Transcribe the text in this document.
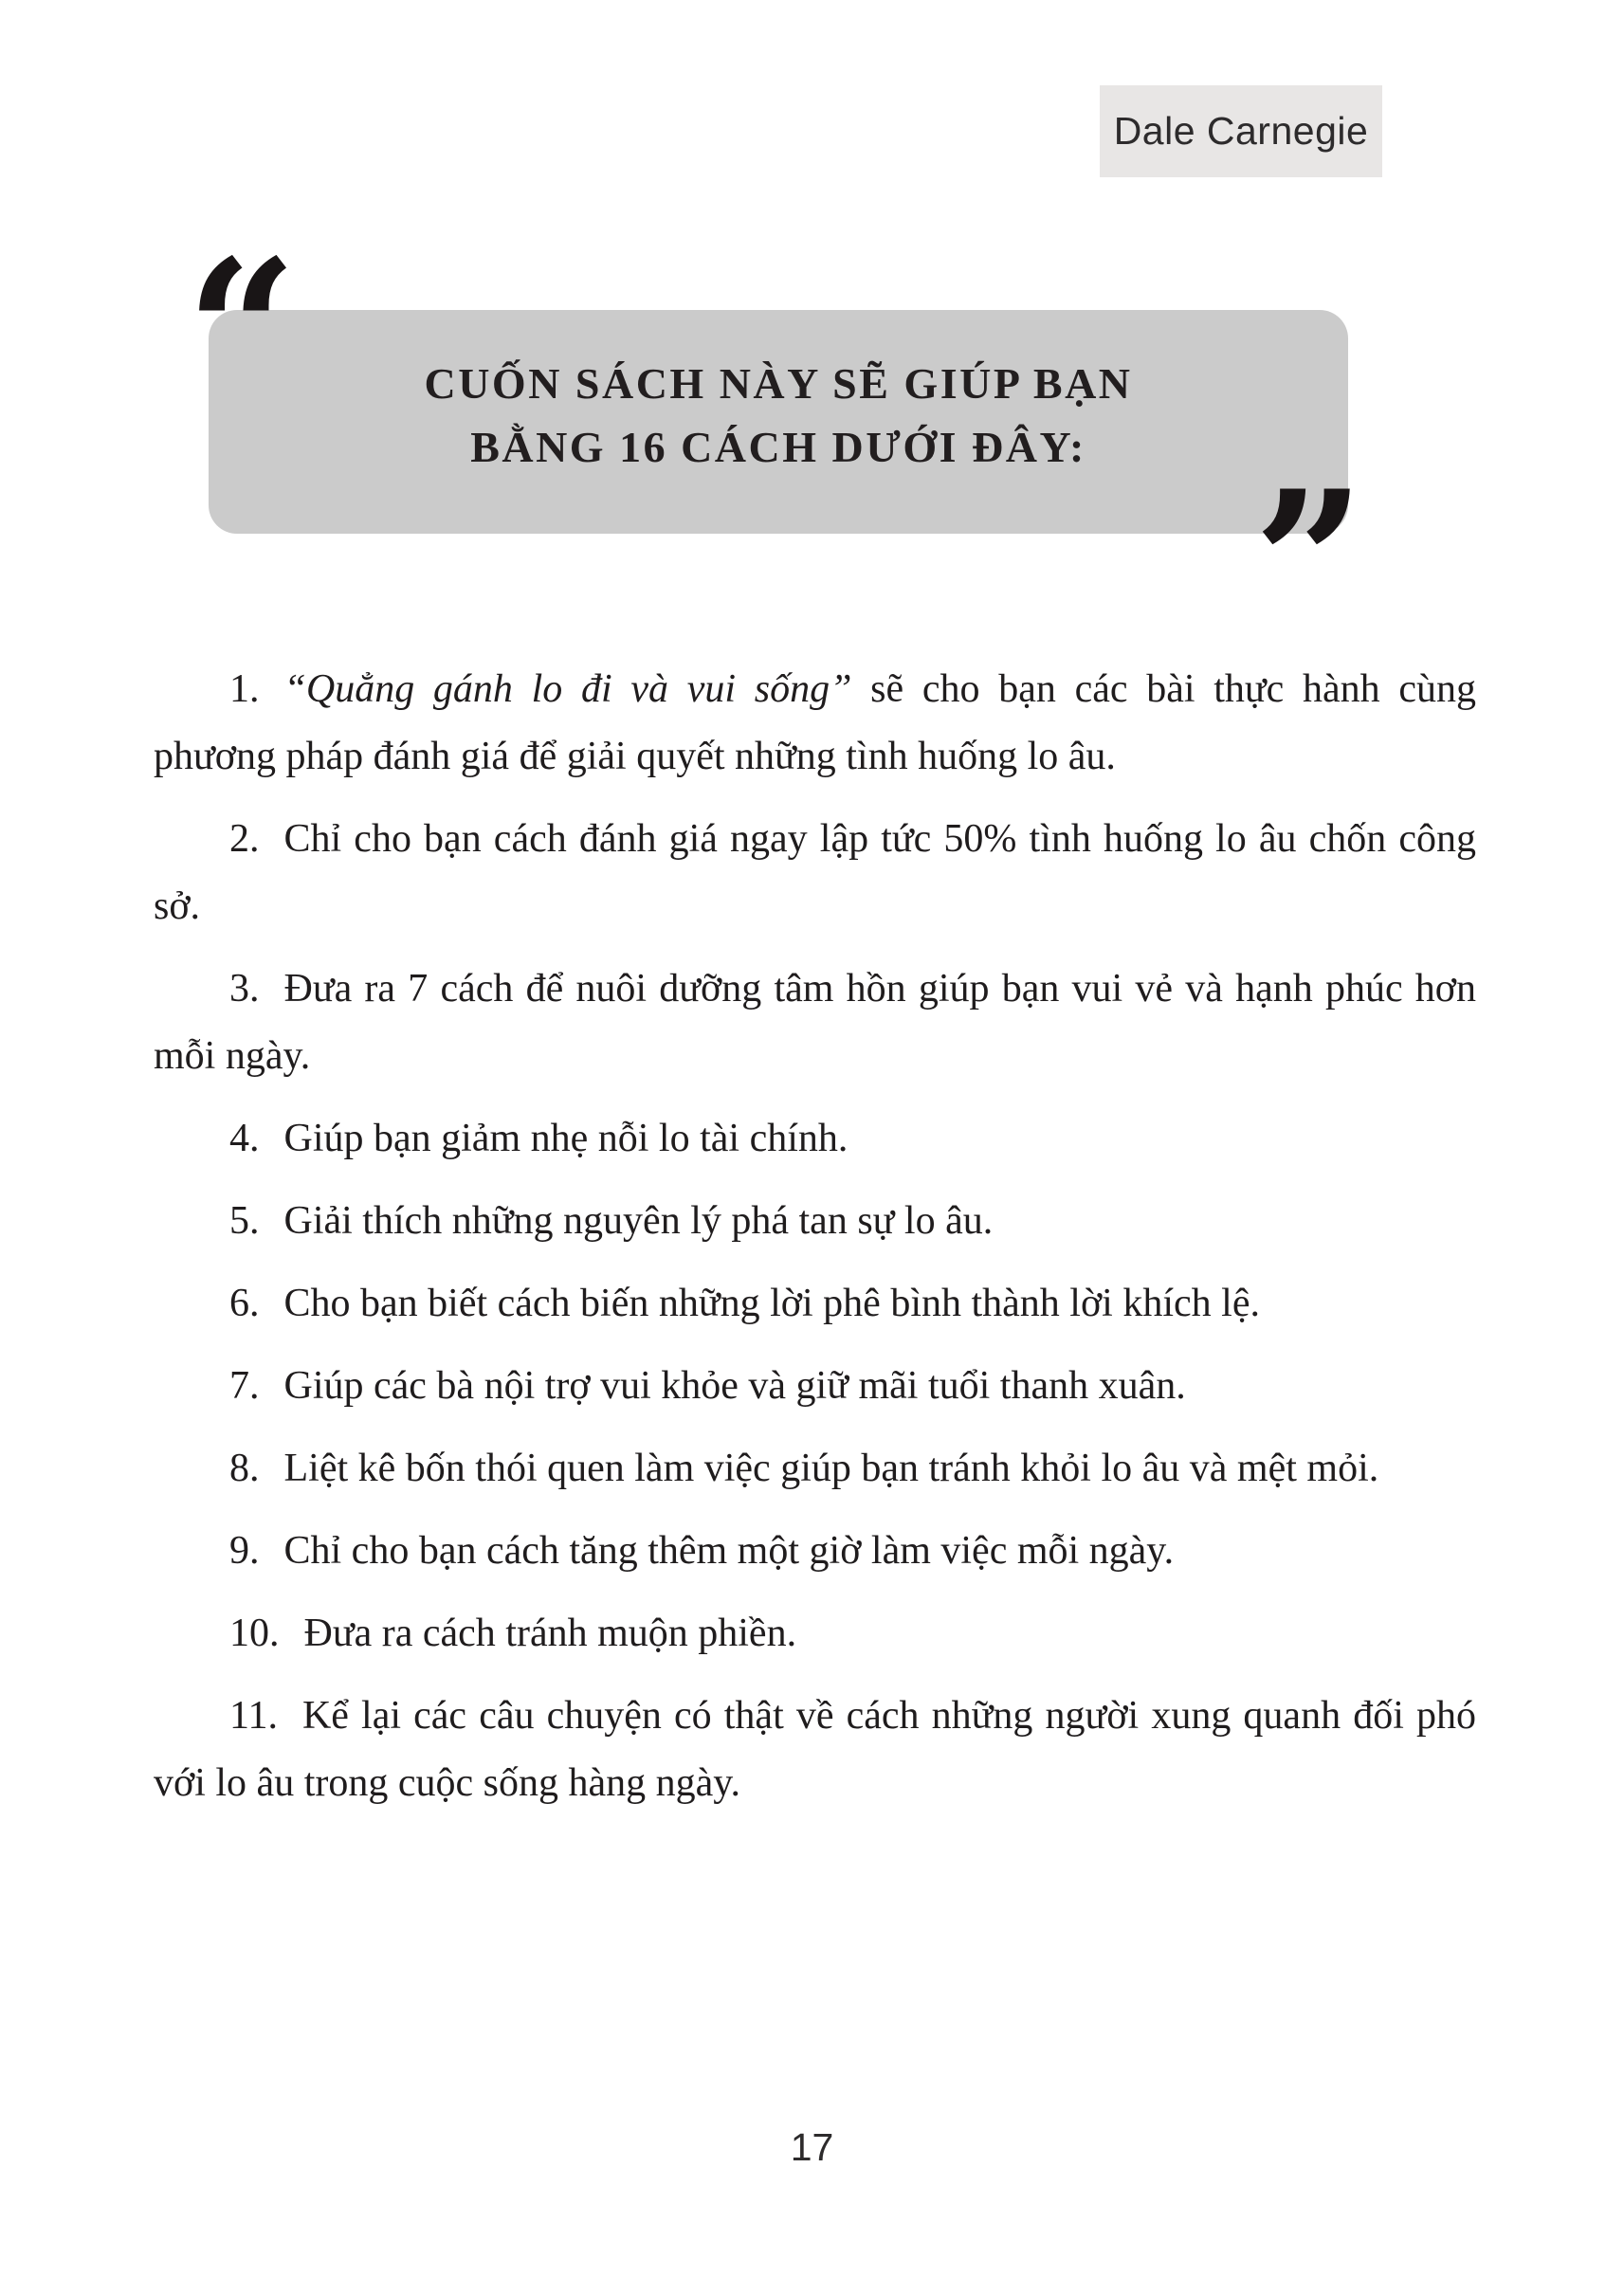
Dale Carnegie
“	CUỐN SÁCH NÀY SẼ GIÚP BẠN
BẰNG 16 CÁCH DƯỚI ĐÂY:
”

1. “Quẳng gánh lo đi và vui sống” sẽ cho bạn các bài thực hành cùng phương pháp đánh giá để giải quyết những tình huống lo âu.

2. Chỉ cho bạn cách đánh giá ngay lập tức 50% tình huống lo âu chốn công sở.

3. Đưa ra 7 cách để nuôi dưỡng tâm hồn giúp bạn vui vẻ và hạnh phúc hơn mỗi ngày.

4. Giúp bạn giảm nhẹ nỗi lo tài chính.

5. Giải thích những nguyên lý phá tan sự lo âu.

6. Cho bạn biết cách biến những lời phê bình thành lời khích lệ.

7. Giúp các bà nội trợ vui khỏe và giữ mãi tuổi thanh xuân.

8. Liệt kê bốn thói quen làm việc giúp bạn tránh khỏi lo âu và mệt mỏi.

9. Chỉ cho bạn cách tăng thêm một giờ làm việc mỗi ngày.

10. Đưa ra cách tránh muộn phiền.

11. Kể lại các câu chuyện có thật về cách những người xung quanh đối phó với lo âu trong cuộc sống hàng ngày.

17
